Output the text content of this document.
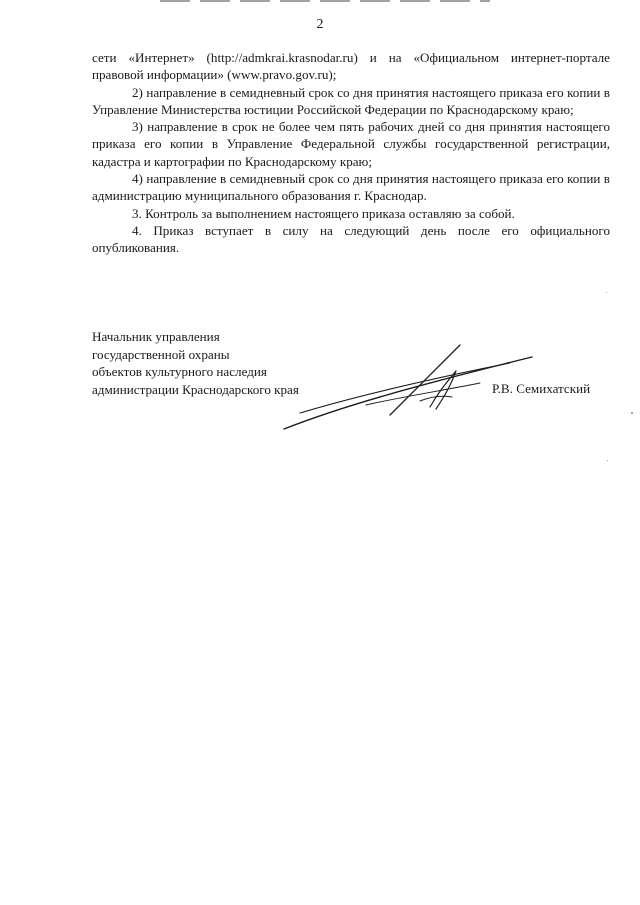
2

сети «Интернет» (http://admkrai.krasnodar.ru) и на «Официальном интернет-портале правовой информации» (www.pravo.gov.ru);

2) направление в семидневный срок со дня принятия настоящего приказа его копии в Управление Министерства юстиции Российской Федерации по Краснодарскому краю;

3) направление в срок не более чем пять рабочих дней со дня принятия настоящего приказа его копии в Управление Федеральной службы государственной регистрации, кадастра и картографии по Краснодарскому краю;

4) направление в семидневный срок со дня принятия настоящего приказа его копии в администрацию муниципального образования г. Краснодар.

3. Контроль за выполнением настоящего приказа оставляю за собой.

4. Приказ вступает в силу на следующий день после его официального опубликования.

Начальник управления
государственной охраны
объектов культурного наследия
администрации Краснодарского края	Р.В. Семихатский
